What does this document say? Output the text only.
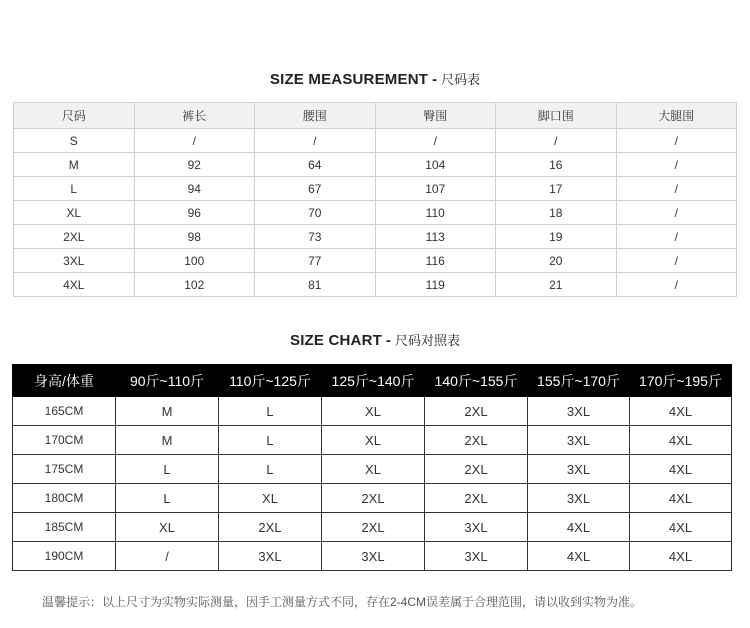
SIZE MEASUREMENT - 尺码表
尺码	裤长	腰围	臀围	脚口围	大腿围
S	/	/	/	/	/
M	92	64	104	16	/
L	94	67	107	17	/
XL	96	70	110	18	/
2XL	98	73	113	19	/
3XL	100	77	116	20	/
4XL	102	81	119	21	/
SIZE CHART - 尺码对照表
身高/体重	90斤~110斤	110斤~125斤	125斤~140斤	140斤~155斤	155斤~170斤	170斤~195斤
165CM	M	L	XL	2XL	3XL	4XL
170CM	M	L	XL	2XL	3XL	4XL
175CM	L	L	XL	2XL	3XL	4XL
180CM	L	XL	2XL	2XL	3XL	4XL
185CM	XL	2XL	2XL	3XL	4XL	4XL
190CM	/	3XL	3XL	3XL	4XL	4XL
温馨提示：以上尺寸为实物实际测量，因手工测量方式不同，存在2-4CM误差属于合理范围，请以收到实物为准。
